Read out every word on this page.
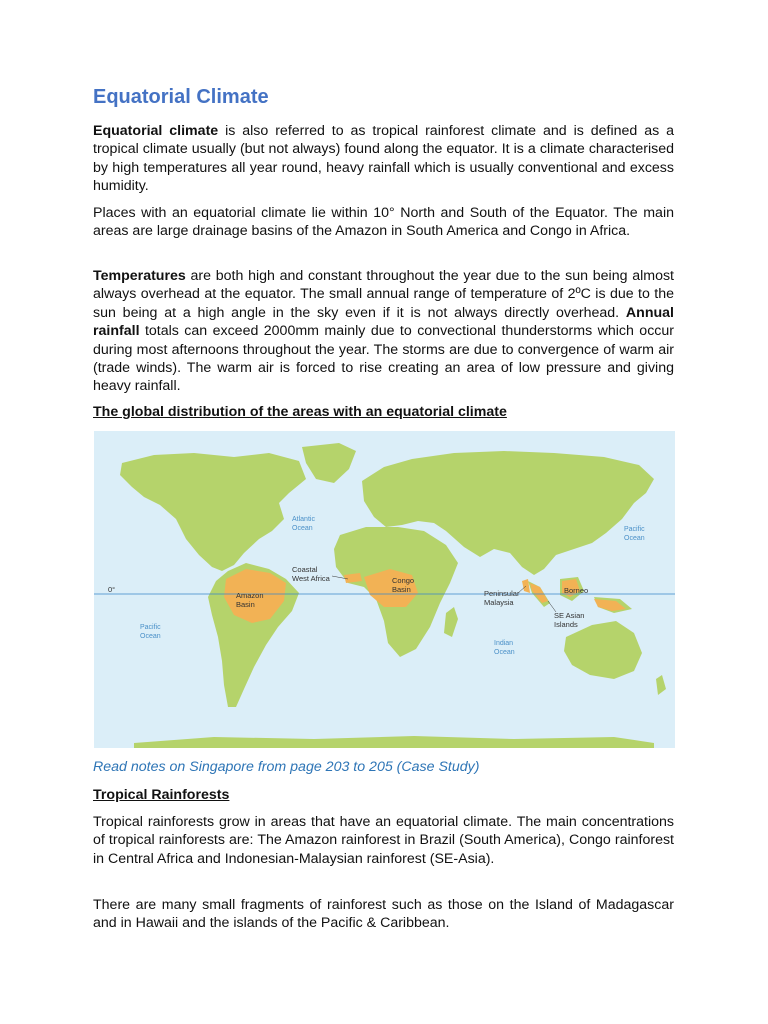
Equatorial Climate

Equatorial climate is also referred to as tropical rainforest climate and is defined as a tropical climate usually (but not always) found along the equator. It is a climate characterised by high temperatures all year round, heavy rainfall which is usually conventional and excess humidity.

Places with an equatorial climate lie within 10° North and South of the Equator. The main areas are large drainage basins of the Amazon in South America and Congo in Africa.

Temperatures are both high and constant throughout the year due to the sun being almost always overhead at the equator. The small annual range of temperature of 2ºC is due to the sun being at a high angle in the sky even if it is not always directly overhead. Annual rainfall totals can exceed 2000mm mainly due to convectional thunderstorms which occur during most afternoons throughout the year. The storms are due to convergence of warm air (trade winds). The warm air is forced to rise creating an area of low pressure and giving heavy rainfall.

The global distribution of the areas with an equatorial climate

0°
Atlantic Ocean	Pacific Ocean
Pacific Ocean
Indian Ocean
Coastal West Africa	Congo Basin
Amazon Basin
Peninsular Malaysia
Borneo
SE Asian Islands

Read notes on Singapore from page 203 to 205 (Case Study)

Tropical Rainforests

Tropical rainforests grow in areas that have an equatorial climate. The main concentrations of tropical rainforests are: The Amazon rainforest in Brazil (South America), Congo rainforest in Central Africa and Indonesian-Malaysian rainforest (SE-Asia).

There are many small fragments of rainforest such as those on the Island of Madagascar and in Hawaii and the islands of the Pacific & Caribbean.
